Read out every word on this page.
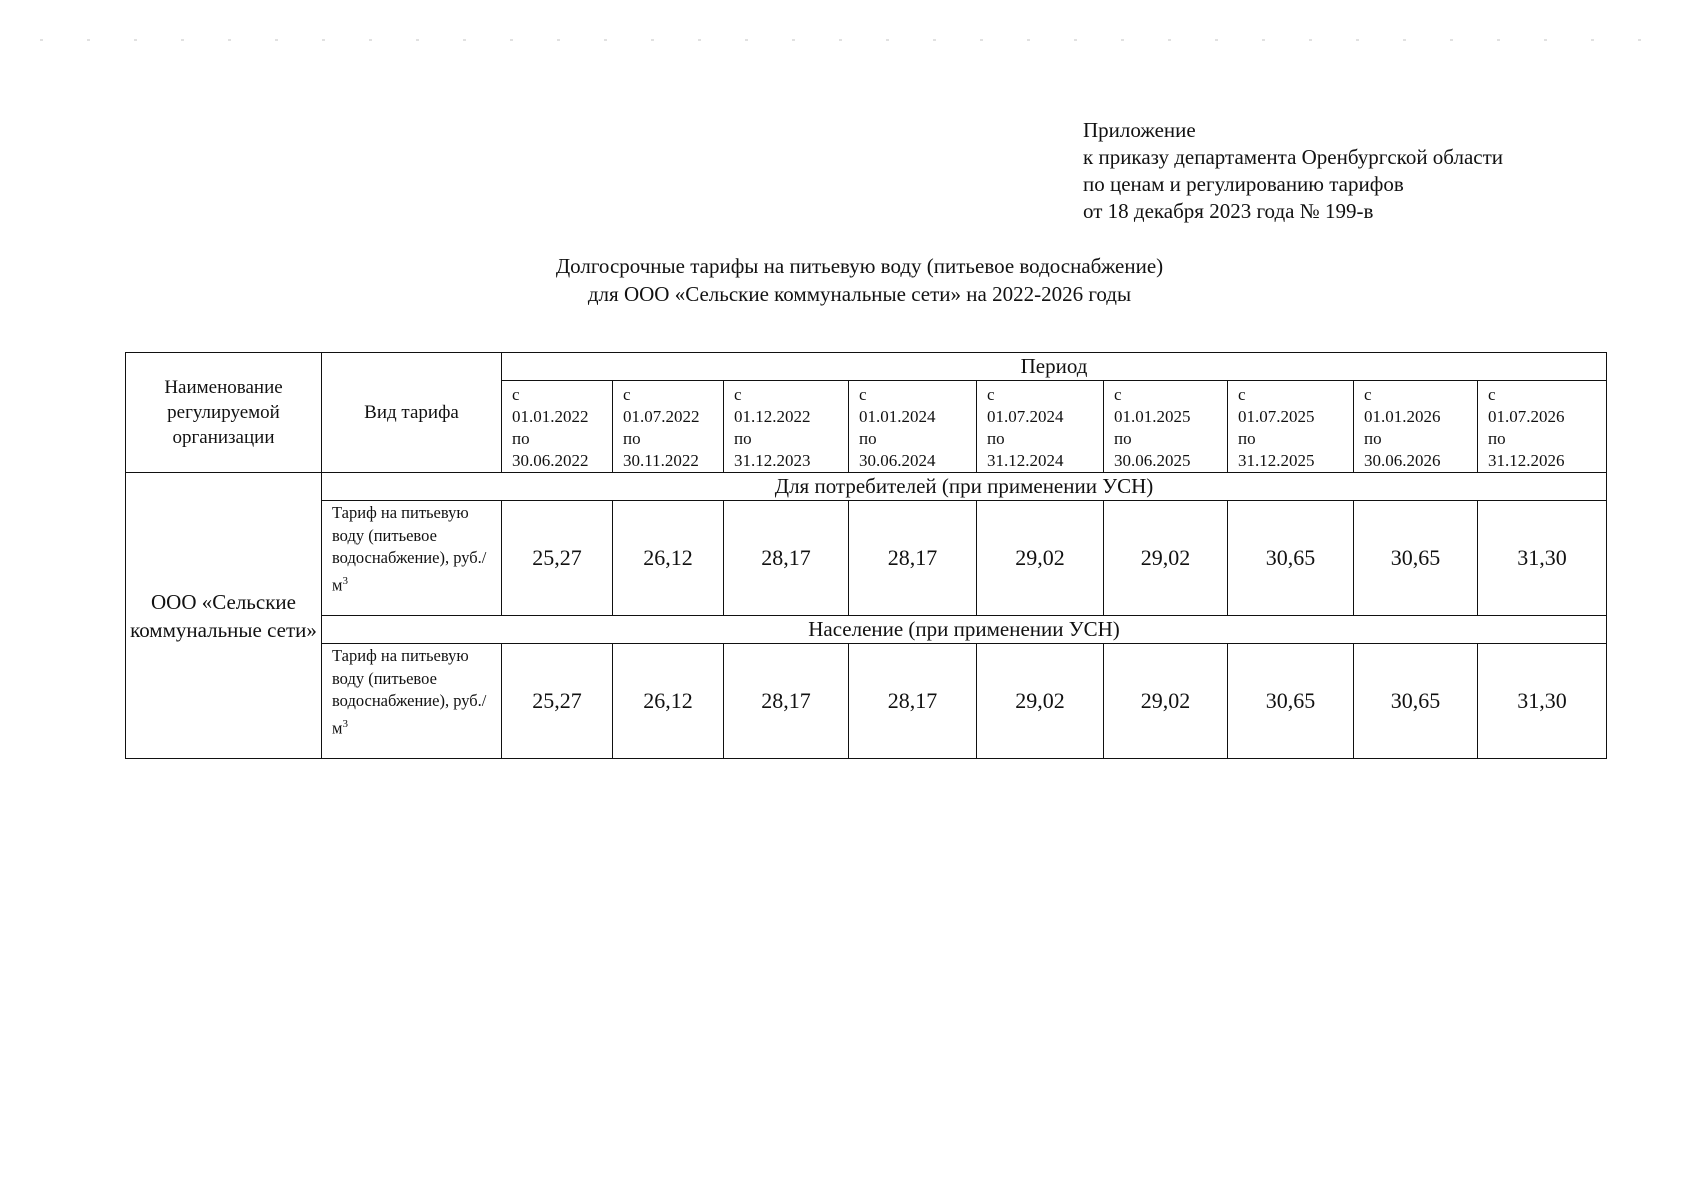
Приложение
к приказу департамента Оренбургской области
по ценам и регулированию тарифов
от 18 декабря 2023 года № 199-в
Долгосрочные тарифы на питьевую воду (питьевое водоснабжение)
для ООО «Сельские коммунальные сети» на 2022-2026 годы
Наименование регулируемой организации	Вид тарифа	Период								
		с
01.01.2022
по
30.06.2022	с
01.07.2022
по
30.11.2022	с
01.12.2022
по
31.12.2023	с
01.01.2024
по
30.06.2024	с
01.07.2024
по
31.12.2024	с
01.01.2025
по
30.06.2025	с
01.07.2025
по
31.12.2025	с
01.01.2026
по
30.06.2026	с
01.07.2026
по
31.12.2026
ООО «Сельские коммунальные сети»	Для потребителей (при применении УСН)									
	Тариф на питьевую воду (питьевое водоснабжение), $руб./м^3$	25,27	26,12	28,17	28,17	29,02	29,02	30,65	30,65	31,30
	Население (при применении УСН)									
	Тариф на питьевую воду (питьевое водоснабжение), $руб./м^3$	25,27	26,12	28,17	28,17	29,02	29,02	30,65	30,65	31,30
